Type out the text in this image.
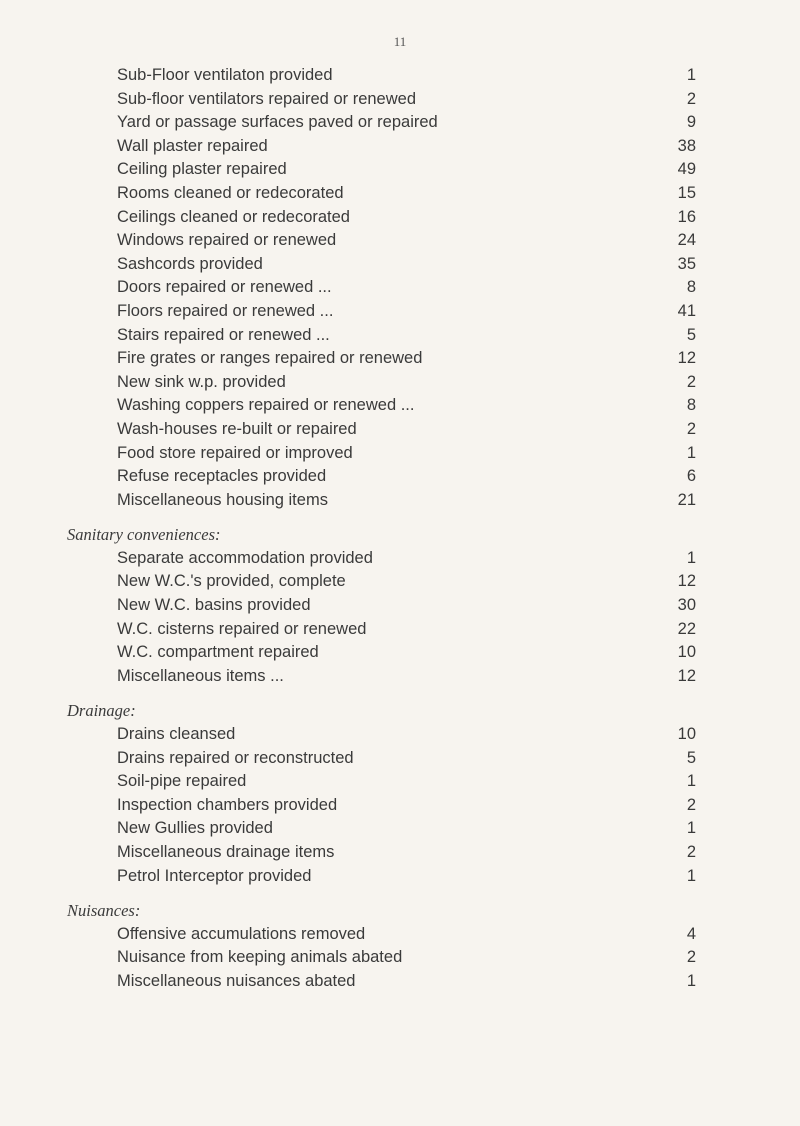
11
Sub-Floor ventilaton provided	1
Sub-floor ventilators repaired or renewed	2
Yard or passage surfaces paved or repaired	9
Wall plaster repaired	38
Ceiling plaster repaired	49
Rooms cleaned or redecorated	15
Ceilings cleaned or redecorated	16
Windows repaired or renewed	24
Sashcords provided	35
Doors repaired or renewed ...	8
Floors repaired or renewed ...	41
Stairs repaired or renewed ...	5
Fire grates or ranges repaired or renewed	12
New sink w.p. provided	2
Washing coppers repaired or renewed ...	8
Wash-houses re-built or repaired	2
Food store repaired or improved	1
Refuse receptacles provided	6
Miscellaneous housing items	21
Sanitary conveniences:
Separate accommodation provided	1
New W.C.'s provided, complete	12
New W.C. basins provided	30
W.C. cisterns repaired or renewed	22
W.C. compartment repaired	10
Miscellaneous items ...	12
Drainage:
Drains cleansed	10
Drains repaired or reconstructed	5
Soil-pipe repaired	1
Inspection chambers provided	2
New Gullies provided	1
Miscellaneous drainage items	2
Petrol Interceptor provided	1
Nuisances:
Offensive accumulations removed	4
Nuisance from keeping animals abated	2
Miscellaneous nuisances abated	1
